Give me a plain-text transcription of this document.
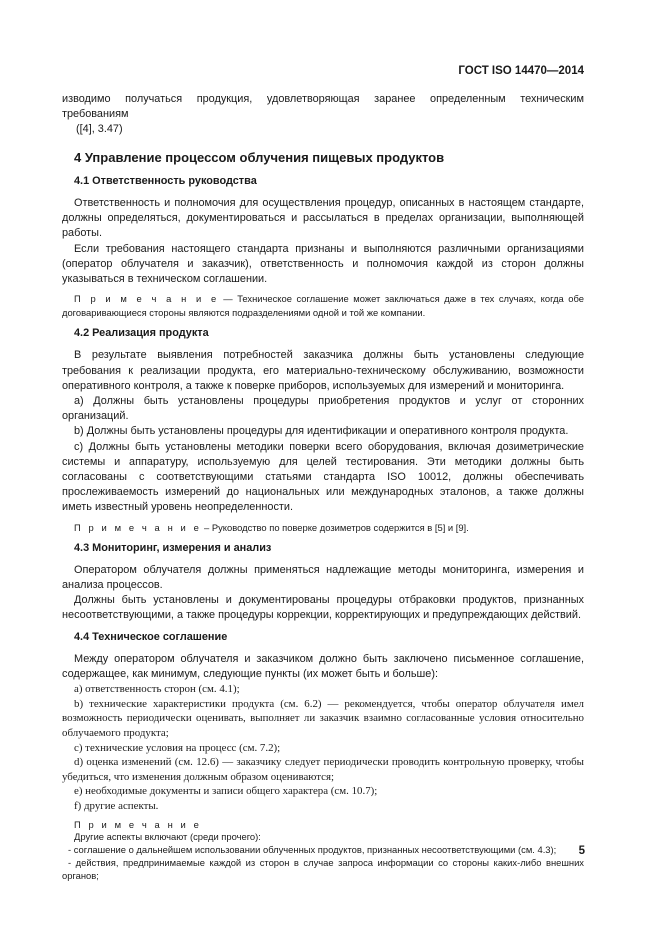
ГОСТ ISO 14470—2014

изводимо получаться продукция, удовлетворяющая заранее определенным техническим требованиям

([4], 3.47)

4 Управление процессом облучения пищевых продуктов
4.1 Ответственность руководства

Ответственность и полномочия для осуществления процедур, описанных в настоящем стандарте, должны определяться, документироваться и рассылаться в пределах организации, выполняющей работы.

Если требования настоящего стандарта признаны и выполняются различными организациями (оператор облучателя и заказчик), ответственность и полномочия каждой из сторон должны указываться в техническом соглашении.

П р и м е ч а н и е — Техническое соглашение может заключаться даже в тех случаях, когда обе договаривающиеся стороны являются подразделениями одной и той же компании.

4.2 Реализация продукта

В результате выявления потребностей заказчика должны быть установлены следующие требования к реализации продукта, его материально-техническому обслуживанию, возможности оперативного контроля, а также к поверке приборов, используемых для измерений и мониторинга.

а) Должны быть установлены процедуры приобретения продуктов и услуг от сторонних организаций.

b) Должны быть установлены процедуры для идентификации и оперативного контроля продукта.

с) Должны быть установлены методики поверки всего оборудования, включая дозиметрические системы и аппаратуру, используемую для целей тестирования. Эти методики должны быть согласованы с соответствующими статьями стандарта ISO 10012, должны обеспечивать прослеживаемость измерений до национальных или международных эталонов, а также должны иметь известный уровень неопределенности.

П р и м е ч а н и е – Руководство по поверке дозиметров содержится в [5] и [9].

4.3 Мониторинг, измерения и анализ

Оператором облучателя должны применяться надлежащие методы мониторинга, измерения и анализа процессов.

Должны быть установлены и документированы процедуры отбраковки продуктов, признанных несоответствующими, а также процедуры коррекции, корректирующих и предупреждающих действий.

4.4 Техническое соглашение

Между оператором облучателя и заказчиком должно быть заключено письменное соглашение, содержащее, как минимум, следующие пункты (их может быть и больше):

a) ответственность сторон (см. 4.1);

b) технические характеристики продукта (см. 6.2) — рекомендуется, чтобы оператор облучателя имел возможность периодически оценивать, выполняет ли заказчик взаимно согласованные условия относительно облучаемого продукта;

c) технические условия на процесс (см. 7.2);

d) оценка изменений (см. 12.6) — заказчику следует периодически проводить контрольную проверку, чтобы убедиться, что изменения должным образом оцениваются;

e) необходимые документы и записи общего характера (см. 10.7);

f) другие аспекты.

П р и м е ч а н и е

Другие аспекты включают (среди прочего):

- соглашение о дальнейшем использовании облученных продуктов, признанных несоответствующими (см. 4.3);

- действия, предпринимаемые каждой из сторон в случае запроса информации со стороны каких-либо внешних органов;

5
